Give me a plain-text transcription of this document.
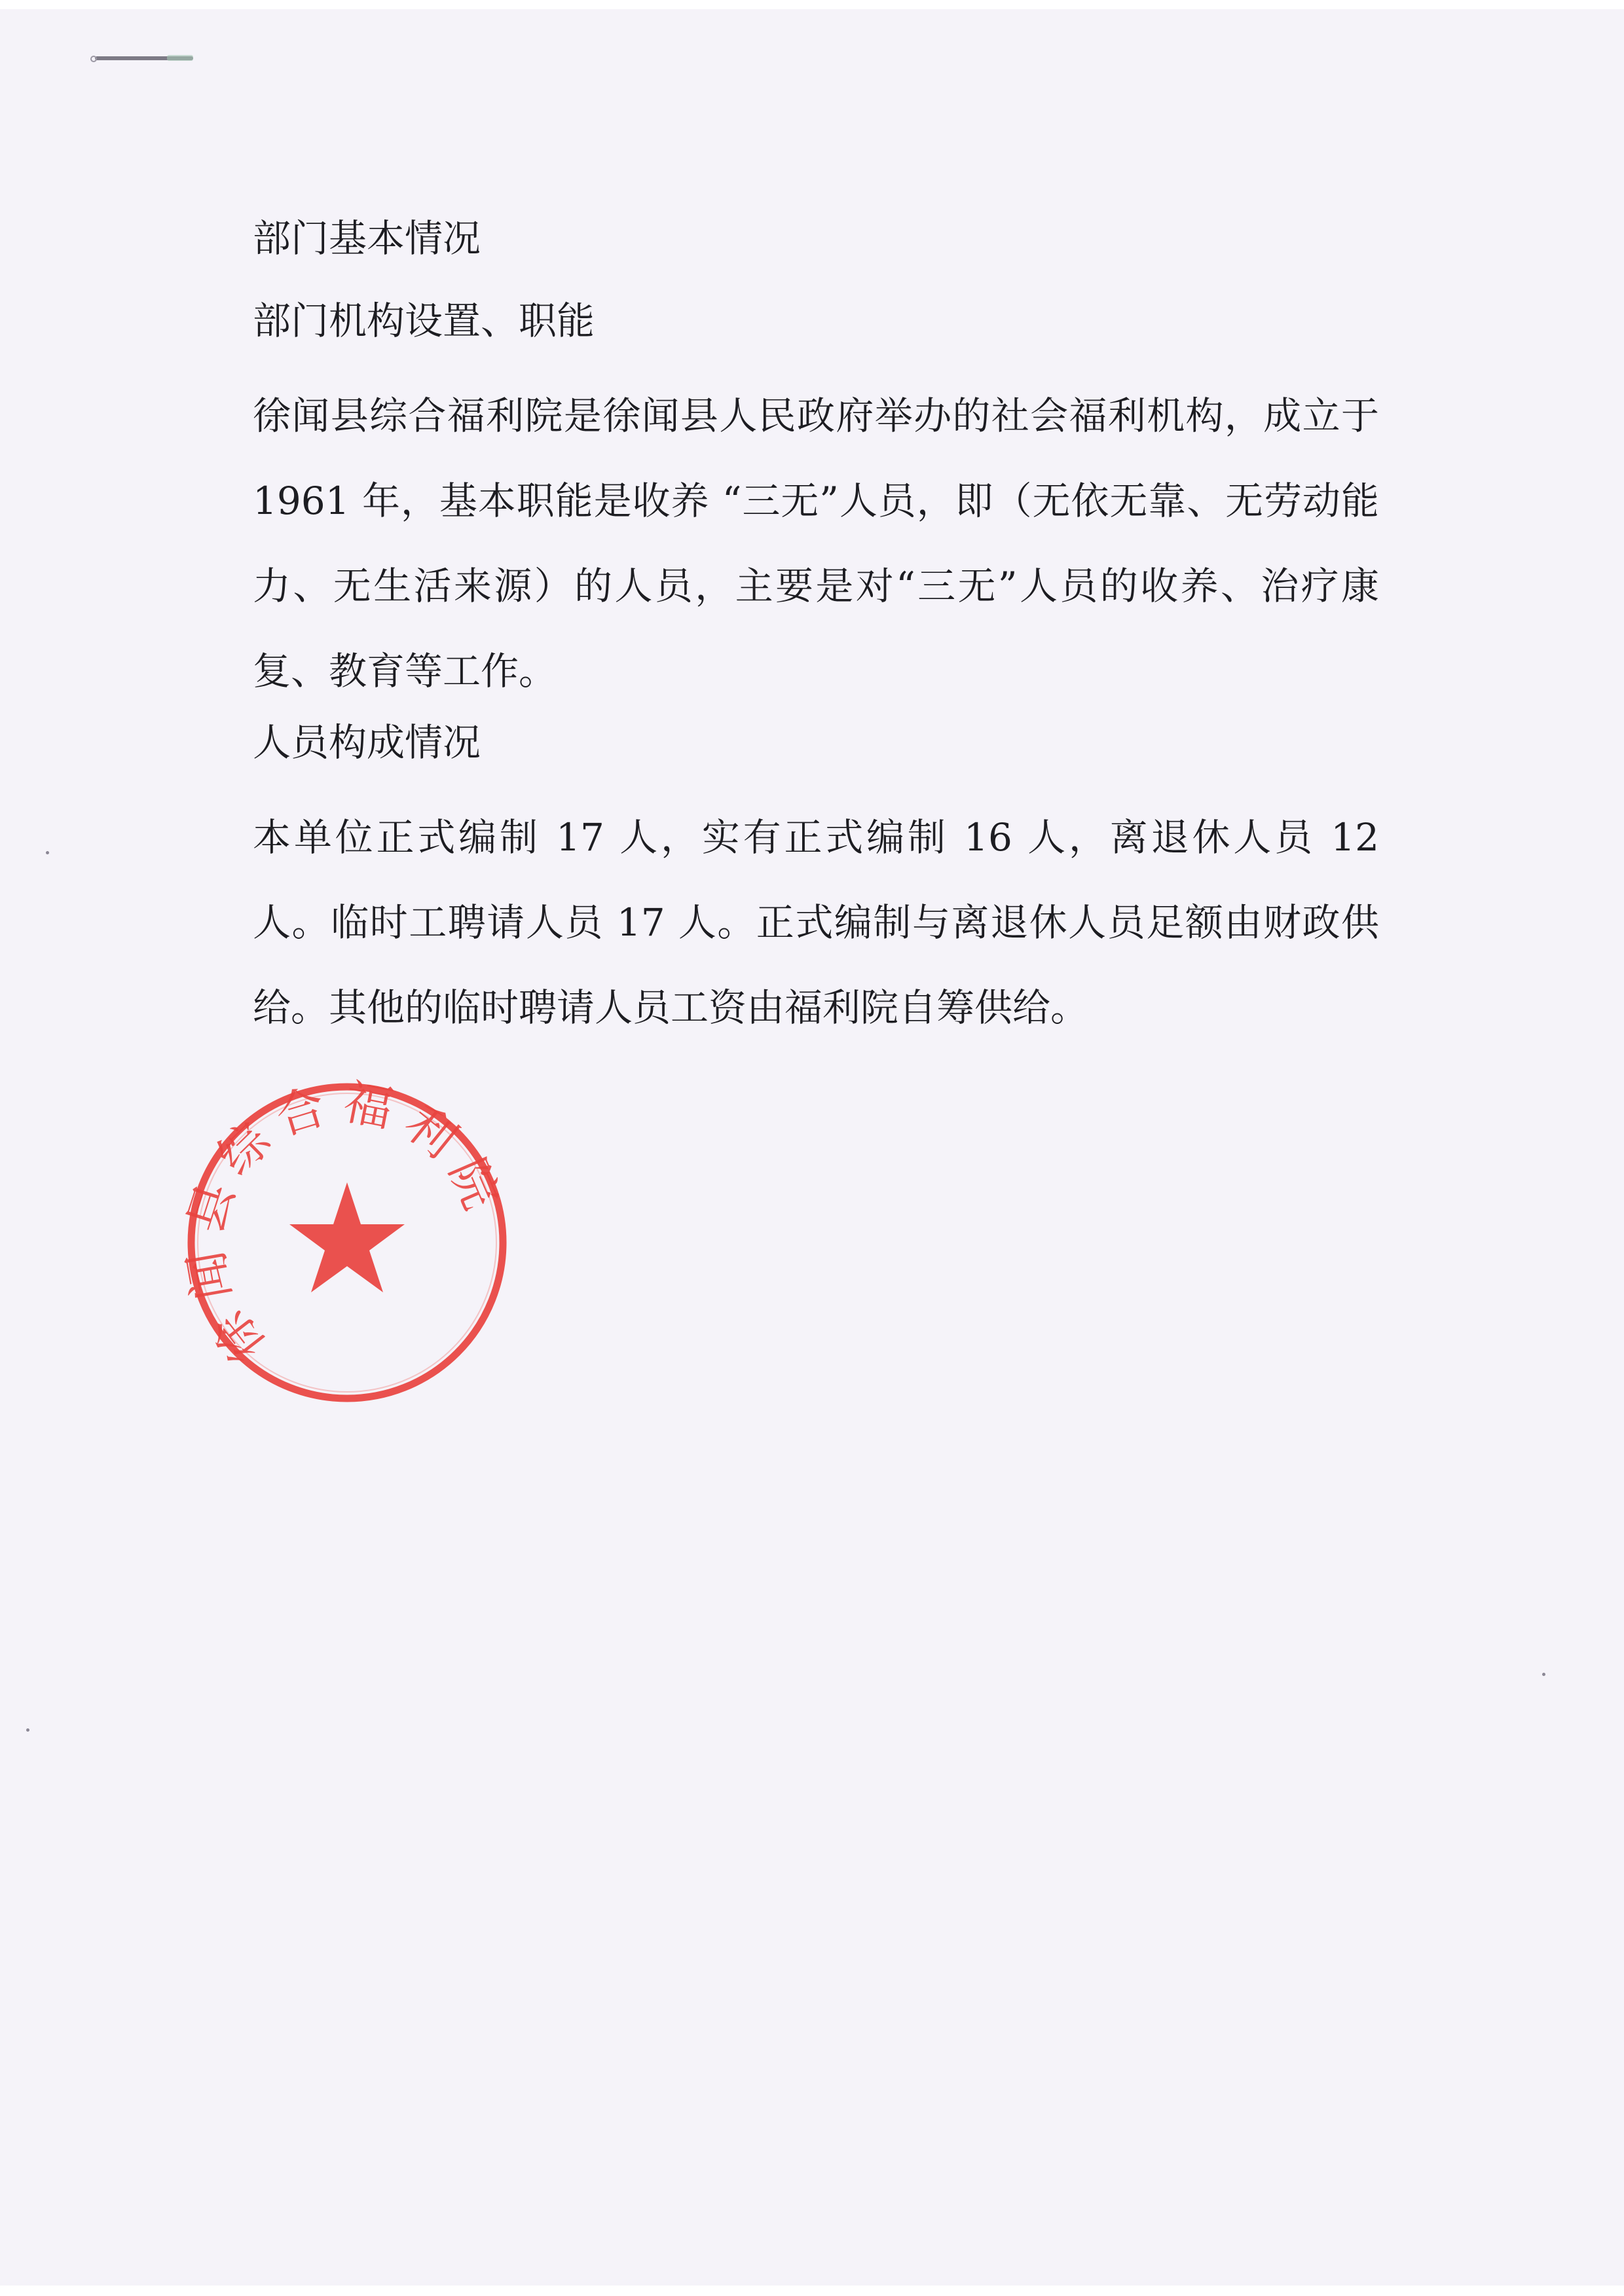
部门基本情况

部门机构设置、职能

徐闻县综合福利院是徐闻县人民政府举办的社会福利机构，成立于 1961 年，基本职能是收养 “三无”人员，即（无依无靠、无劳动能力、无生活来源）的人员，主要是对“三无”人员的收养、治疗康复、教育等工作。

人员构成情况

本单位正式编制 17 人，实有正式编制 16 人，离退休人员 12 人。临时工聘请人员 17 人。正式编制与离退休人员足额由财政供给。其他的临时聘请人员工资由福利院自筹供给。

徐闻县综合福利院
